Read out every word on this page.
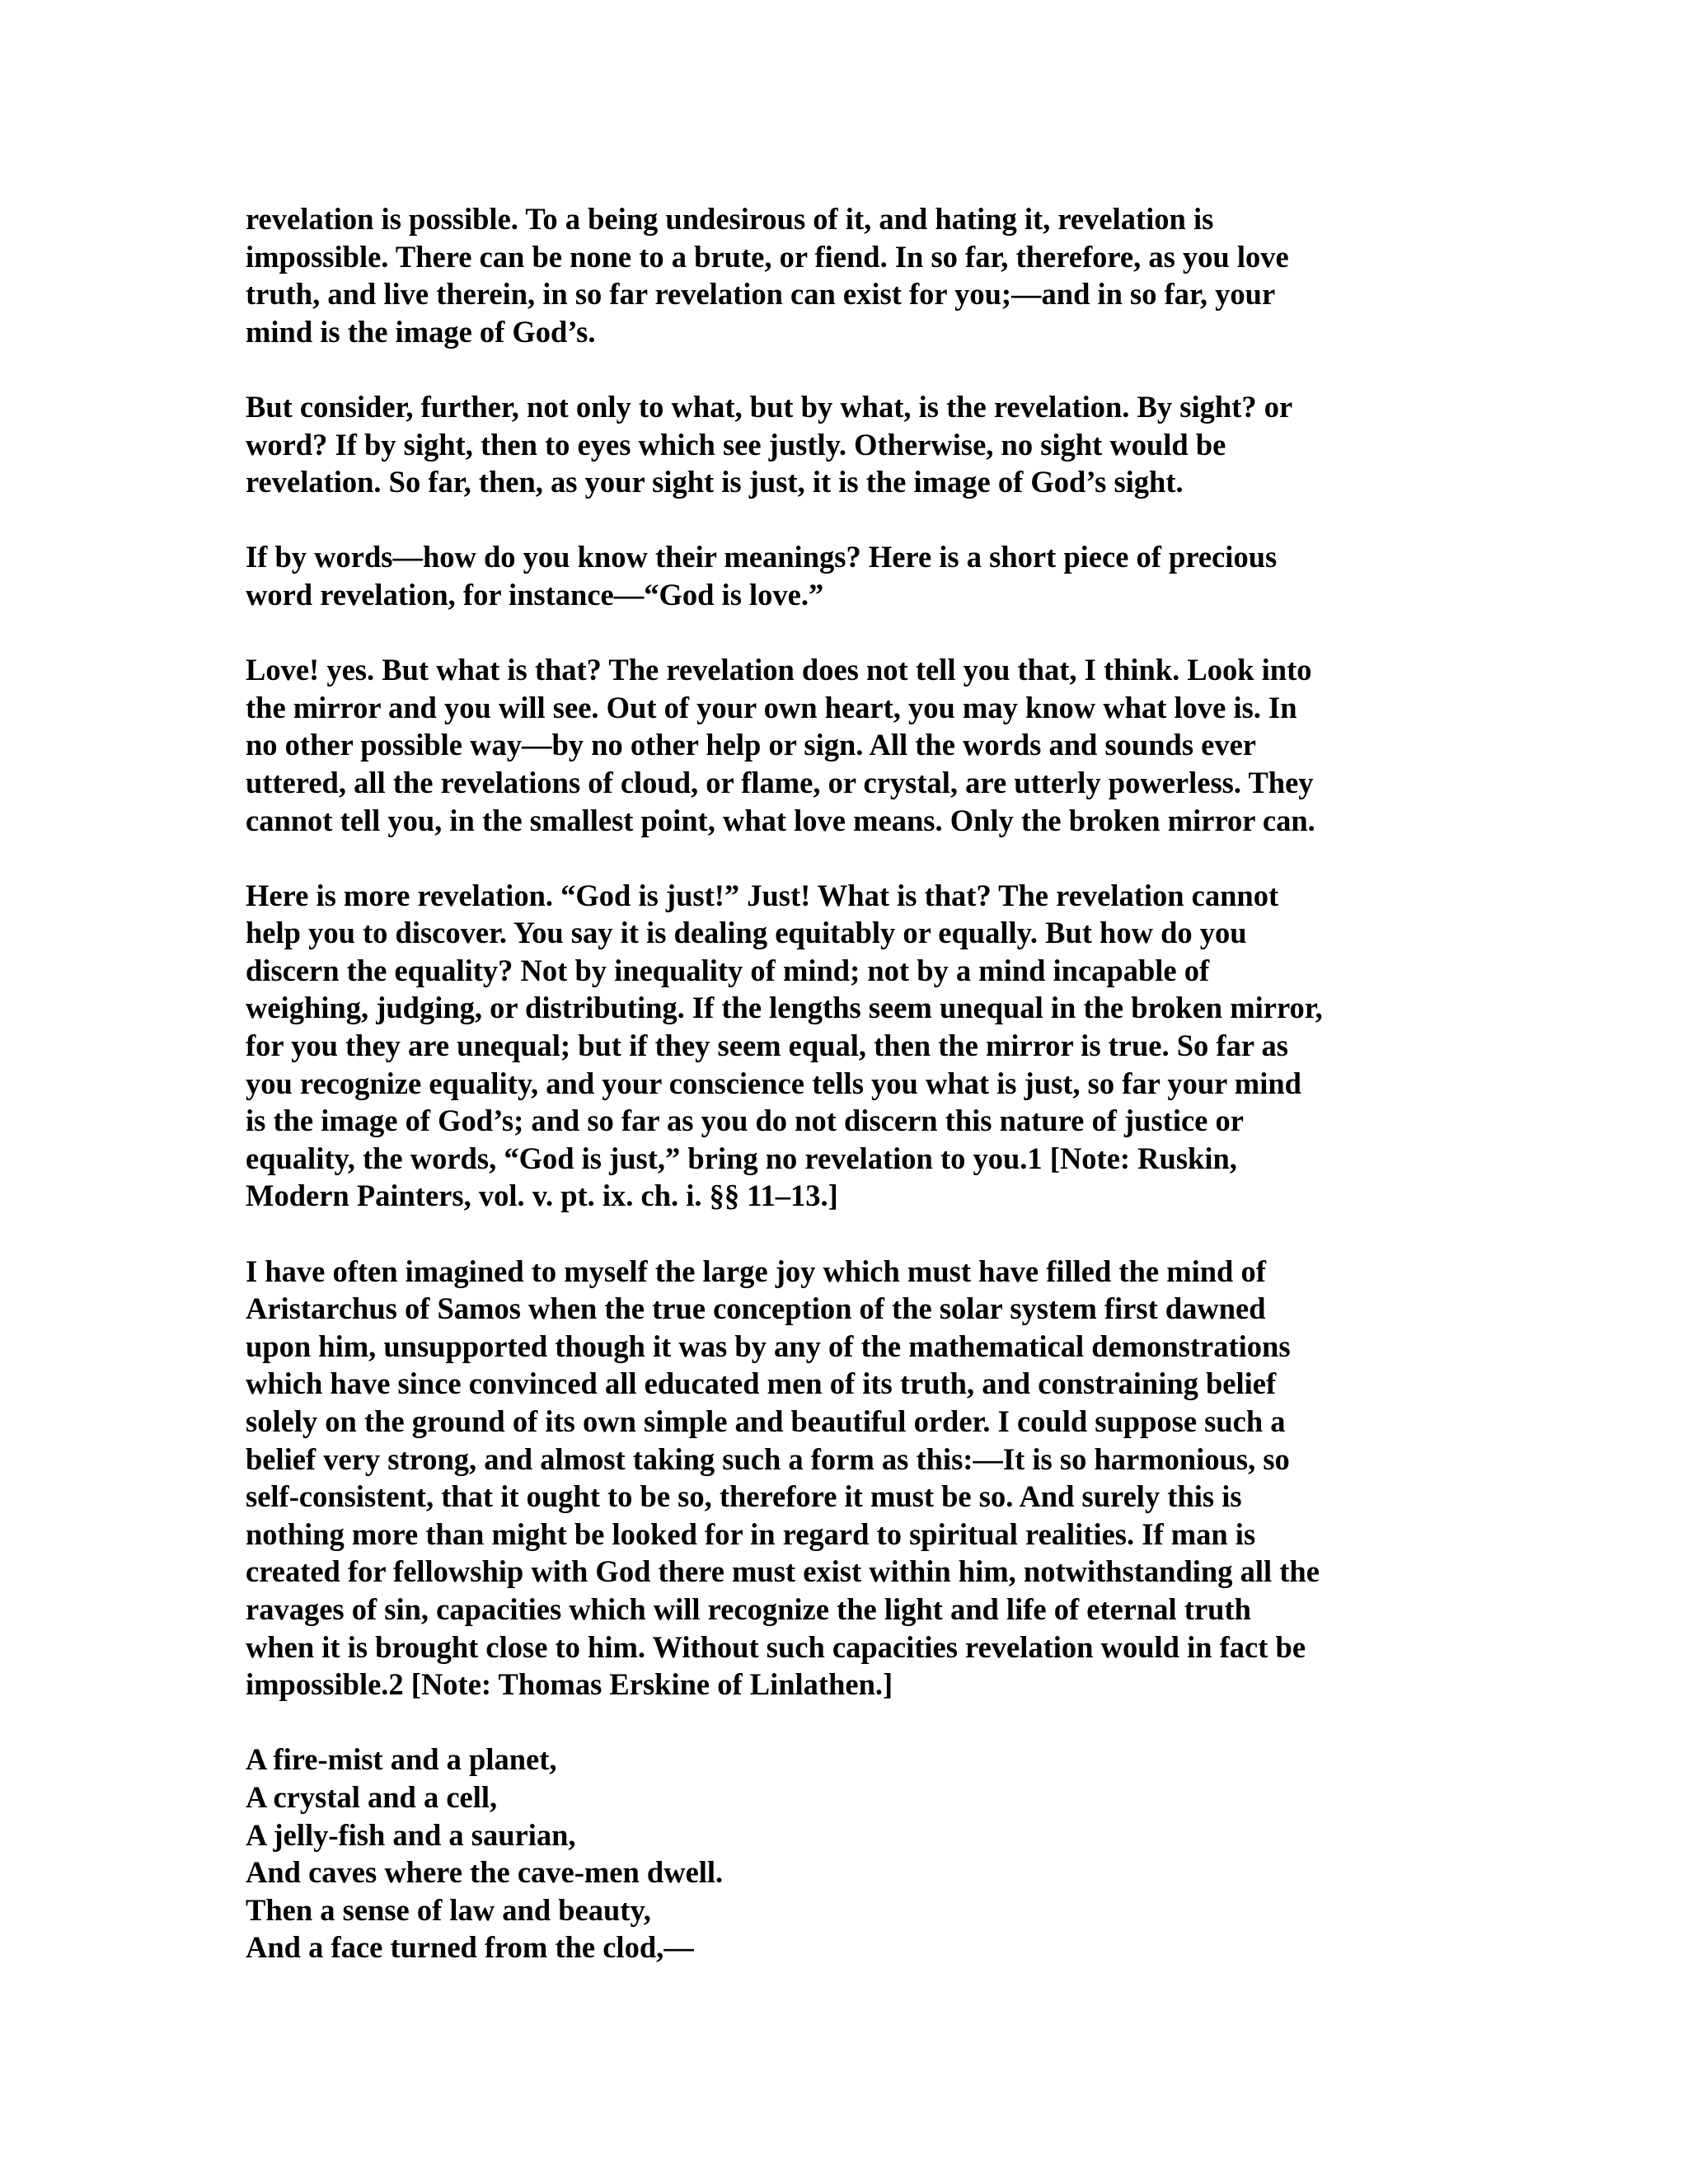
revelation is possible. To a being undesirous of it, and hating it, revelation is
impossible. There can be none to a brute, or fiend. In so far, therefore, as you love
truth, and live therein, in so far revelation can exist for you;—and in so far, your
mind is the image of God’s.

But consider, further, not only to what, but by what, is the revelation. By sight? or
word? If by sight, then to eyes which see justly. Otherwise, no sight would be
revelation. So far, then, as your sight is just, it is the image of God’s sight.

If by words—how do you know their meanings? Here is a short piece of precious
word revelation, for instance—“God is love.”

Love! yes. But what is that? The revelation does not tell you that, I think. Look into
the mirror and you will see. Out of your own heart, you may know what love is. In
no other possible way—by no other help or sign. All the words and sounds ever
uttered, all the revelations of cloud, or flame, or crystal, are utterly powerless. They
cannot tell you, in the smallest point, what love means. Only the broken mirror can.

Here is more revelation. “God is just!” Just! What is that? The revelation cannot
help you to discover. You say it is dealing equitably or equally. But how do you
discern the equality? Not by inequality of mind; not by a mind incapable of
weighing, judging, or distributing. If the lengths seem unequal in the broken mirror,
for you they are unequal; but if they seem equal, then the mirror is true. So far as
you recognize equality, and your conscience tells you what is just, so far your mind
is the image of God’s; and so far as you do not discern this nature of justice or
equality, the words, “God is just,” bring no revelation to you.1 [Note: Ruskin,
Modern Painters, vol. v. pt. ix. ch. i. §§ 11–13.]

I have often imagined to myself the large joy which must have filled the mind of
Aristarchus of Samos when the true conception of the solar system first dawned
upon him, unsupported though it was by any of the mathematical demonstrations
which have since convinced all educated men of its truth, and constraining belief
solely on the ground of its own simple and beautiful order. I could suppose such a
belief very strong, and almost taking such a form as this:—It is so harmonious, so
self-consistent, that it ought to be so, therefore it must be so. And surely this is
nothing more than might be looked for in regard to spiritual realities. If man is
created for fellowship with God there must exist within him, notwithstanding all the
ravages of sin, capacities which will recognize the light and life of eternal truth
when it is brought close to him. Without such capacities revelation would in fact be
impossible.2 [Note: Thomas Erskine of Linlathen.]

A fire-mist and a planet,
A crystal and a cell,
A jelly-fish and a saurian,
And caves where the cave-men dwell.
Then a sense of law and beauty,
And a face turned from the clod,—
